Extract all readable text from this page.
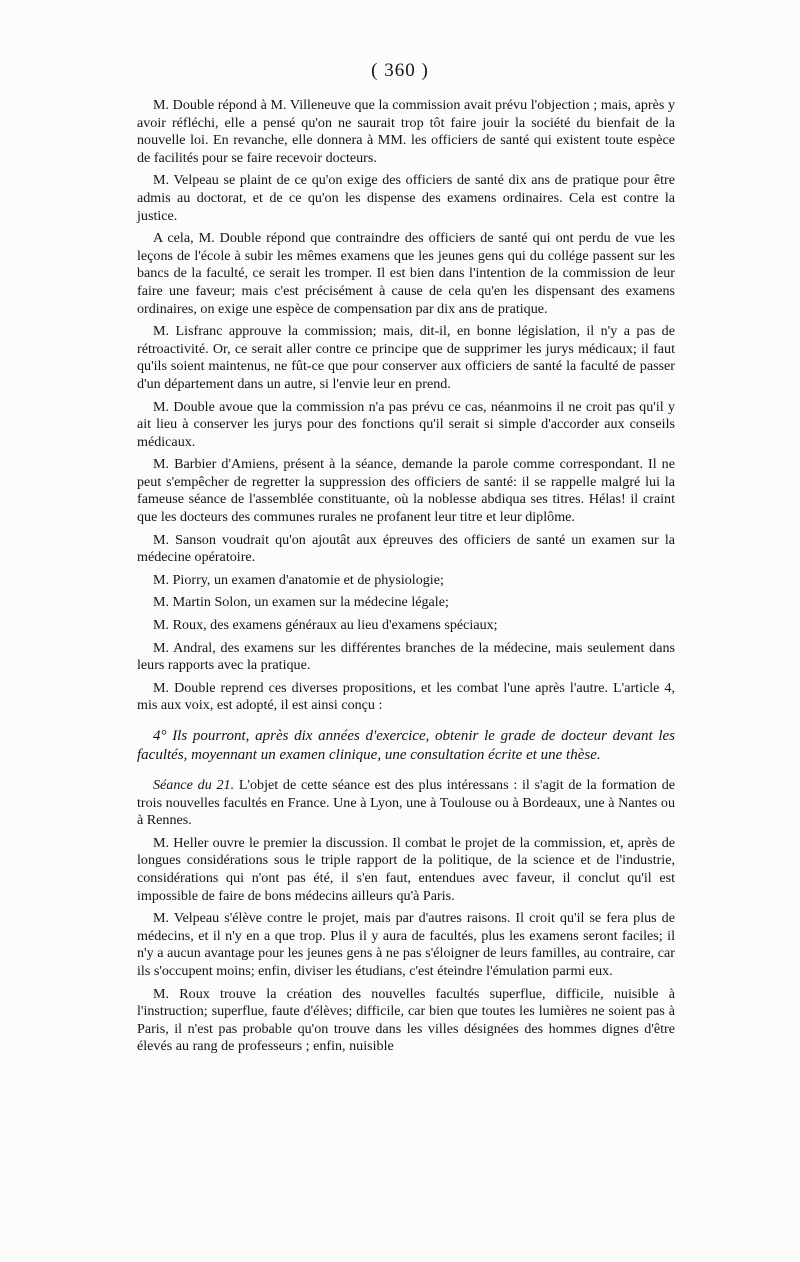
( 360 )

M. Double répond à M. Villeneuve que la commission avait prévu l'objection ; mais, après y avoir réfléchi, elle a pensé qu'on ne saurait trop tôt faire jouir la société du bienfait de la nouvelle loi. En revanche, elle donnera à MM. les officiers de santé qui existent toute espèce de facilités pour se faire recevoir docteurs.

M. Velpeau se plaint de ce qu'on exige des officiers de santé dix ans de pratique pour être admis au doctorat, et de ce qu'on les dispense des examens ordinaires. Cela est contre la justice.

A cela, M. Double répond que contraindre des officiers de santé qui ont perdu de vue les leçons de l'école à subir les mêmes examens que les jeunes gens qui du collége passent sur les bancs de la faculté, ce serait les tromper. Il est bien dans l'intention de la commission de leur faire une faveur; mais c'est précisément à cause de cela qu'en les dispensant des examens ordinaires, on exige une espèce de compensation par dix ans de pratique.

M. Lisfranc approuve la commission; mais, dit-il, en bonne législation, il n'y a pas de rétroactivité. Or, ce serait aller contre ce principe que de supprimer les jurys médicaux; il faut qu'ils soient maintenus, ne fût-ce que pour conserver aux officiers de santé la faculté de passer d'un département dans un autre, si l'envie leur en prend.

M. Double avoue que la commission n'a pas prévu ce cas, néanmoins il ne croit pas qu'il y ait lieu à conserver les jurys pour des fonctions qu'il serait si simple d'accorder aux conseils médicaux.

M. Barbier d'Amiens, présent à la séance, demande la parole comme correspondant. Il ne peut s'empêcher de regretter la suppression des officiers de santé: il se rappelle malgré lui la fameuse séance de l'assemblée constituante, où la noblesse abdiqua ses titres. Hélas! il craint que les docteurs des communes rurales ne profanent leur titre et leur diplôme.

M. Sanson voudrait qu'on ajoutât aux épreuves des officiers de santé un examen sur la médecine opératoire.

M. Piorry, un examen d'anatomie et de physiologie;

M. Martin Solon, un examen sur la médecine légale;

M. Roux, des examens généraux au lieu d'examens spéciaux;

M. Andral, des examens sur les différentes branches de la médecine, mais seulement dans leurs rapports avec la pratique.

M. Double reprend ces diverses propositions, et les combat l'une après l'autre. L'article 4, mis aux voix, est adopté, il est ainsi conçu :

4° Ils pourront, après dix années d'exercice, obtenir le grade de docteur devant les facultés, moyennant un examen clinique, une consultation écrite et une thèse.

Séance du 21. L'objet de cette séance est des plus intéressans : il s'agit de la formation de trois nouvelles facultés en France. Une à Lyon, une à Toulouse ou à Bordeaux, une à Nantes ou à Rennes.

M. Heller ouvre le premier la discussion. Il combat le projet de la commission, et, après de longues considérations sous le triple rapport de la politique, de la science et de l'industrie, considérations qui n'ont pas été, il s'en faut, entendues avec faveur, il conclut qu'il est impossible de faire de bons médecins ailleurs qu'à Paris.

M. Velpeau s'élève contre le projet, mais par d'autres raisons. Il croit qu'il se fera plus de médecins, et il n'y en a que trop. Plus il y aura de facultés, plus les examens seront faciles; il n'y a aucun avantage pour les jeunes gens à ne pas s'éloigner de leurs familles, au contraire, car ils s'occupent moins; enfin, diviser les étudians, c'est éteindre l'émulation parmi eux.

M. Roux trouve la création des nouvelles facultés superflue, difficile, nuisible à l'instruction; superflue, faute d'élèves; difficile, car bien que toutes les lumières ne soient pas à Paris, il n'est pas probable qu'on trouve dans les villes désignées des hommes dignes d'être élevés au rang de professeurs ; enfin, nuisible
